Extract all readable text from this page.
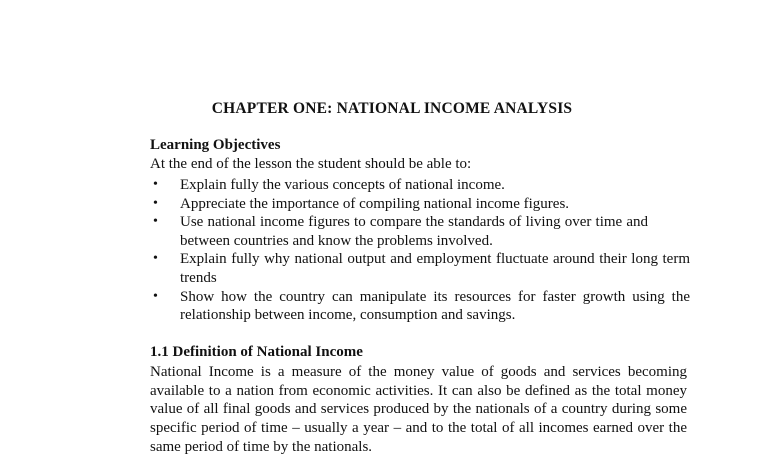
CHAPTER ONE: NATIONAL INCOME ANALYSIS
Learning Objectives
At the end of the lesson the student should be able to:
• Explain fully the various concepts of national income.
• Appreciate the importance of compiling national income figures.
• Use national income figures to compare the standards of living over time and between countries and know the problems involved.
• Explain fully why national output and employment fluctuate around their long term trends
• Show how the country can manipulate its resources for faster growth using the relationship between income, consumption and savings.
1.1 Definition of National Income
National Income is a measure of the money value of goods and services becoming available to a nation from economic activities. It can also be defined as the total money value of all final goods and services produced by the nationals of a country during some specific period of time – usually a year – and to the total of all incomes earned over the same period of time by the nationals.
